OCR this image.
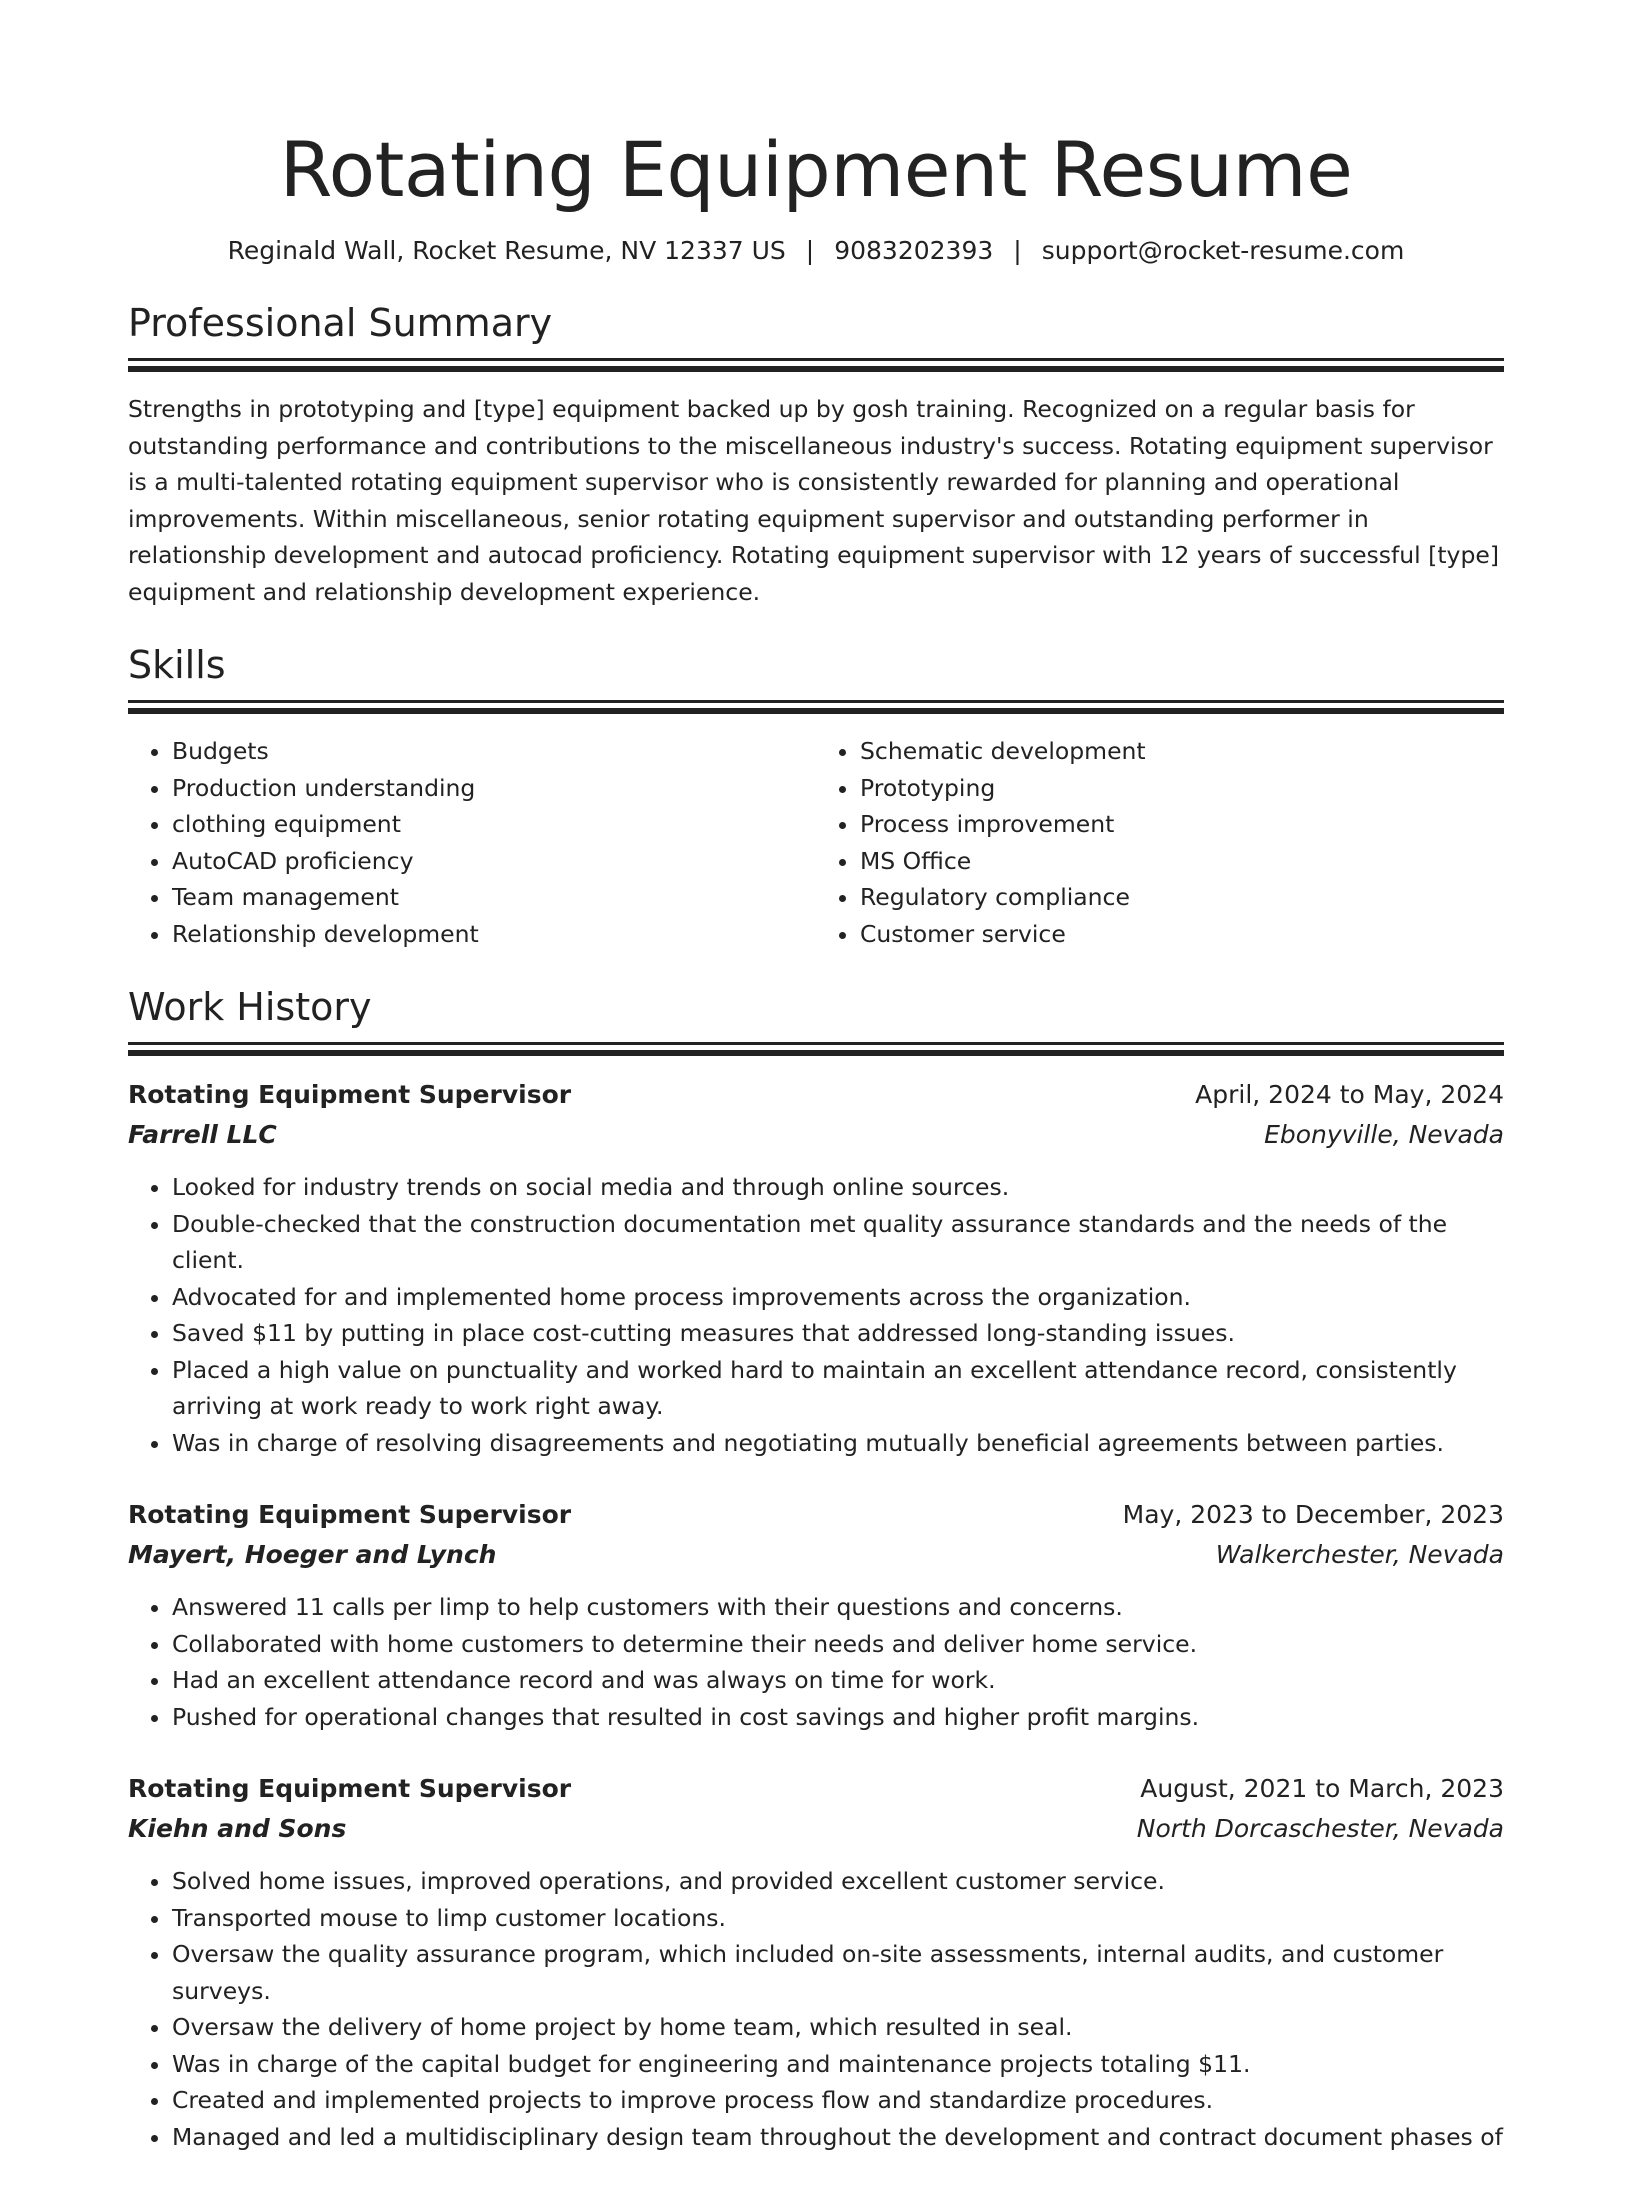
Rotating Equipment Resume
Reginald Wall, Rocket Resume, NV 12337 US | 9083202393 | support@rocket-resume.com
Professional Summary

Strengths in prototyping and [type] equipment backed up by gosh training. Recognized on a regular basis for outstanding performance and contributions to the miscellaneous industry's success. Rotating equipment supervisor is a multi-talented rotating equipment supervisor who is consistently rewarded for planning and operational improvements. Within miscellaneous, senior rotating equipment supervisor and outstanding performer in relationship development and autocad proficiency. Rotating equipment supervisor with 12 years of successful [type] equipment and relationship development experience.

Skills
• Budgets
• Production understanding
• clothing equipment
• AutoCAD proficiency
• Team management
• Relationship development
• Schematic development
• Prototyping
• Process improvement
• MS Office
• Regulatory compliance
• Customer service
Work History
Rotating Equipment Supervisor	April, 2024 to May, 2024
Farrell LLC	Ebonyville, Nevada
• Looked for industry trends on social media and through online sources.
• Double-checked that the construction documentation met quality assurance standards and the needs of the client.
• Advocated for and implemented home process improvements across the organization.
• Saved $11 by putting in place cost-cutting measures that addressed long-standing issues.
• Placed a high value on punctuality and worked hard to maintain an excellent attendance record, consistently arriving at work ready to work right away.
• Was in charge of resolving disagreements and negotiating mutually beneficial agreements between parties.
Rotating Equipment Supervisor	May, 2023 to December, 2023
Mayert, Hoeger and Lynch	Walkerchester, Nevada
• Answered 11 calls per limp to help customers with their questions and concerns.
• Collaborated with home customers to determine their needs and deliver home service.
• Had an excellent attendance record and was always on time for work.
• Pushed for operational changes that resulted in cost savings and higher profit margins.
Rotating Equipment Supervisor	August, 2021 to March, 2023
Kiehn and Sons	North Dorcaschester, Nevada
• Solved home issues, improved operations, and provided excellent customer service.
• Transported mouse to limp customer locations.
• Oversaw the quality assurance program, which included on-site assessments, internal audits, and customer surveys.
• Oversaw the delivery of home project by home team, which resulted in seal.
• Was in charge of the capital budget for engineering and maintenance projects totaling $11.
• Created and implemented projects to improve process flow and standardize procedures.
• Managed and led a multidisciplinary design team throughout the development and contract document phases of
